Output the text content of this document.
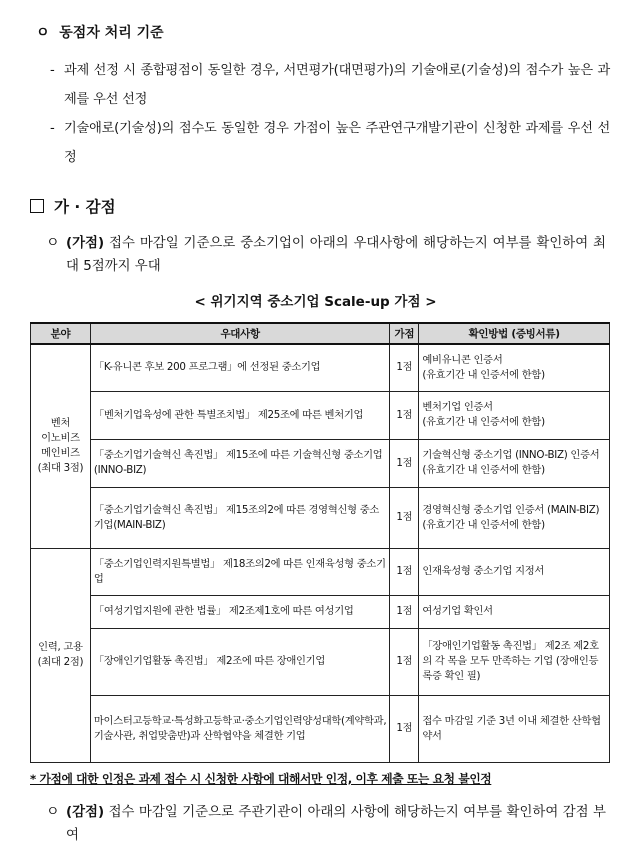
ㅇ 동점자 처리 기준
- 과제 선정 시 종합평점이 동일한 경우, 서면평가(대면평가)의 기술애로(기술성)의 점수가 높은 과제를 우선 선정
- 기술애로(기술성)의 점수도 동일한 경우 가점이 높은 주관연구개발기관이 신청한 과제를 우선 선정
가 · 감점
ㅇ (가점) 접수 마감일 기준으로 중소기업이 아래의 우대사항에 해당하는지 여부를 확인하여 최대 5점까지 우대
< 위기지역 중소기업 Scale-up 가점 >
분야	우대사항	가점	확인방법 (증빙서류)
벤처
이노비즈
메인비즈
(최대 3점)	「K-유니콘 후보 200 프로그램」에 선정된 중소기업	1점	예비유니콘 인증서
(유효기간 내 인증서에 한함)
	「벤처기업육성에 관한 특별조치법」 제25조에 따른 벤처기업	1점	벤처기업 인증서
(유효기간 내 인증서에 한함)
	「중소기업기술혁신 촉진법」 제15조에 따른 기술혁신형 중소기업(INNO-BIZ)	1점	기술혁신형 중소기업 (INNO-BIZ) 인증서(유효기간 내 인증서에 한함)
	「중소기업기술혁신 촉진법」 제15조의2에 따른 경영혁신형 중소기업(MAIN-BIZ)	1점	경영혁신형 중소기업 인증서 (MAIN-BIZ)(유효기간 내 인증서에 한함)
인력, 고용
(최대 2점)	「중소기업인력지원특별법」 제18조의2에 따른 인재육성형 중소기업	1점	인재육성형 중소기업 지정서
	「여성기업지원에 관한 법률」 제2조제1호에 따른 여성기업	1점	여성기업 확인서
	「장애인기업활동 촉진법」 제2조에 따른 장애인기업	1점	「장애인기업활동 촉진법」 제2조 제2호의 각 목을 모두 만족하는 기업 (장애인등록증 확인 필)
	마이스터고등학교·특성화고등학교·중소기업인력양성대학(계약학과, 기술사관, 취업맞춤반)과 산학협약을 체결한 기업	1점	접수 마감일 기준 3년 이내 체결한 산학협약서
* 가점에 대한 인정은 과제 접수 시 신청한 사항에 대해서만 인정, 이후 제출 또는 요청 불인정
ㅇ (감점) 접수 마감일 기준으로 주관기관이 아래의 사항에 해당하는지 여부를 확인하여 감점 부여
